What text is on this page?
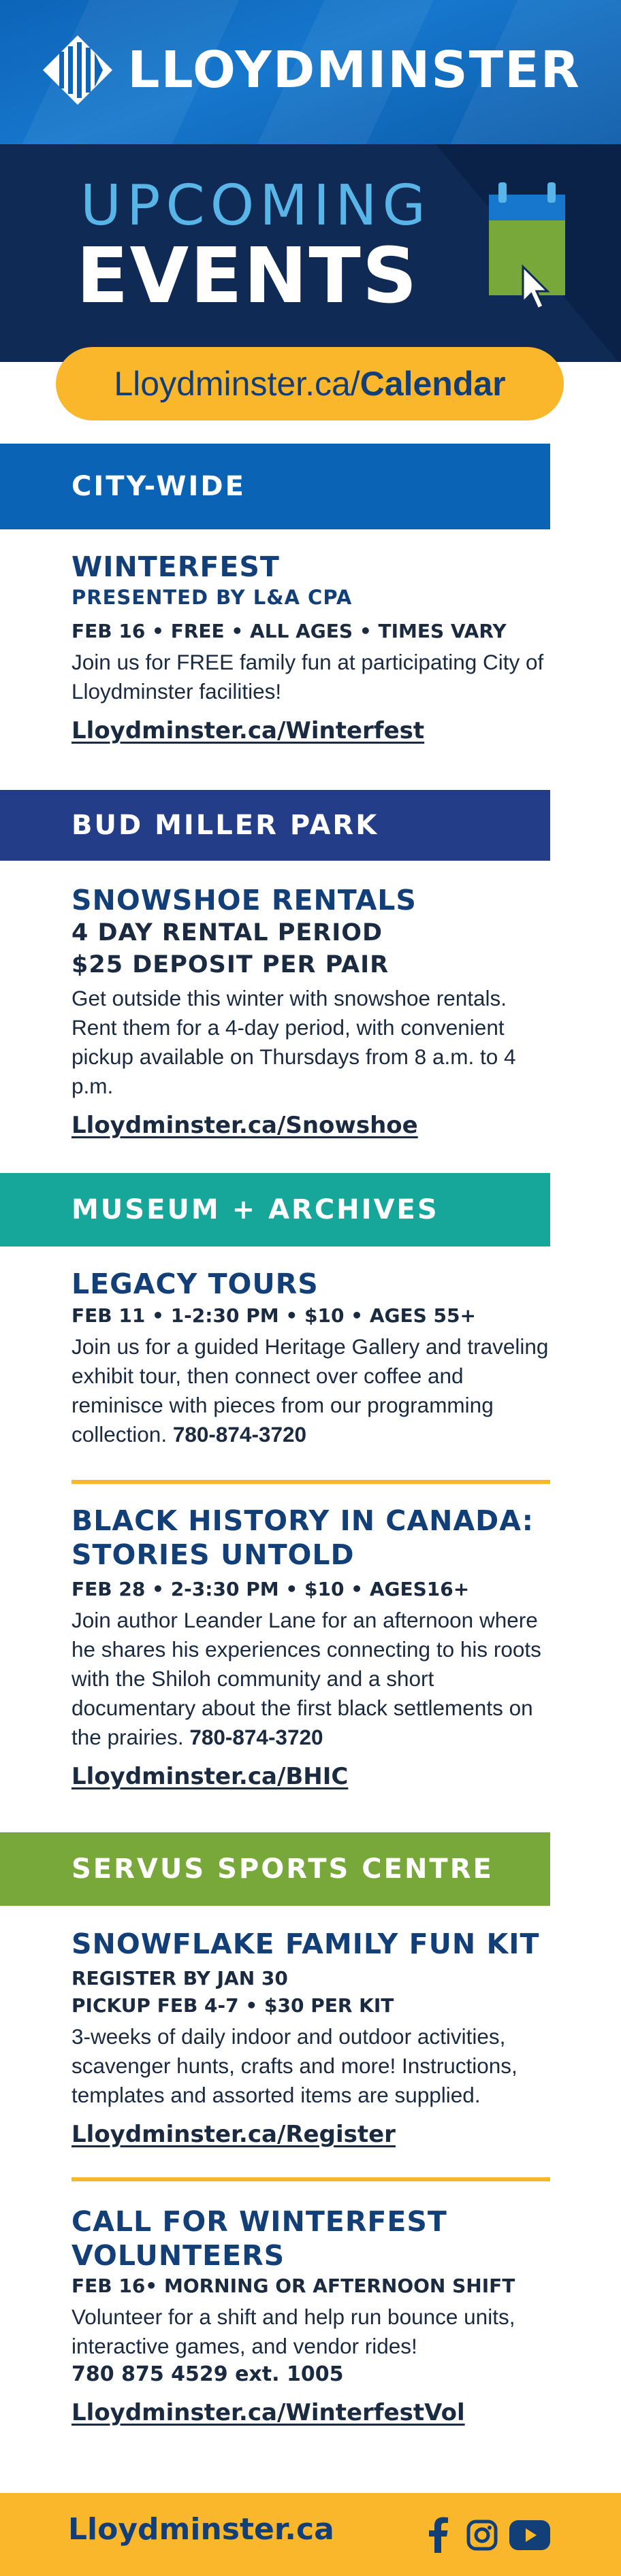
LLOYDMINSTER
UPCOMING
EVENTS
Lloydminster.ca/ Calendar
CITY-WIDE
WINTERFEST
PRESENTED BY L&A CPA
FEB 16 • FREE • ALL AGES • TIMES VARY
Join us for FREE family fun at participating City of Lloydminster facilities!
Lloydminster.ca/Winterfest
BUD MILLER PARK
SNOWSHOE RENTALS
4 DAY RENTAL PERIOD
$25 DEPOSIT PER PAIR
Get outside this winter with snowshoe rentals. Rent them for a 4-day period, with convenient pickup available on Thursdays from 8 a.m. to 4 p.m.
Lloydminster.ca/Snowshoe
MUSEUM + ARCHIVES
LEGACY TOURS
FEB 11 • 1-2:30 PM • $10 • AGES 55+
Join us for a guided Heritage Gallery and traveling exhibit tour, then connect over coffee and reminisce with pieces from our programming collection. 780-874-3720
BLACK HISTORY IN CANADA: STORIES UNTOLD
FEB 28 • 2-3:30 PM • $10 • AGES16+
Join author Leander Lane for an afternoon where he shares his experiences connecting to his roots with the Shiloh community and a short documentary about the first black settlements on the prairies. 780-874-3720
Lloydminster.ca/BHIC
SERVUS SPORTS CENTRE
SNOWFLAKE FAMILY FUN KIT
REGISTER BY JAN 30
PICKUP FEB 4-7 • $30 PER KIT
3-weeks of daily indoor and outdoor activities, scavenger hunts, crafts and more! Instructions, templates and assorted items are supplied.
Lloydminster.ca/Register
CALL FOR WINTERFEST VOLUNTEERS
FEB 16• MORNING OR AFTERNOON SHIFT
Volunteer for a shift and help run bounce units, interactive games, and vendor rides!
780 875 4529 ext. 1005
Lloydminster.ca/WinterfestVol
Lloydminster.ca
